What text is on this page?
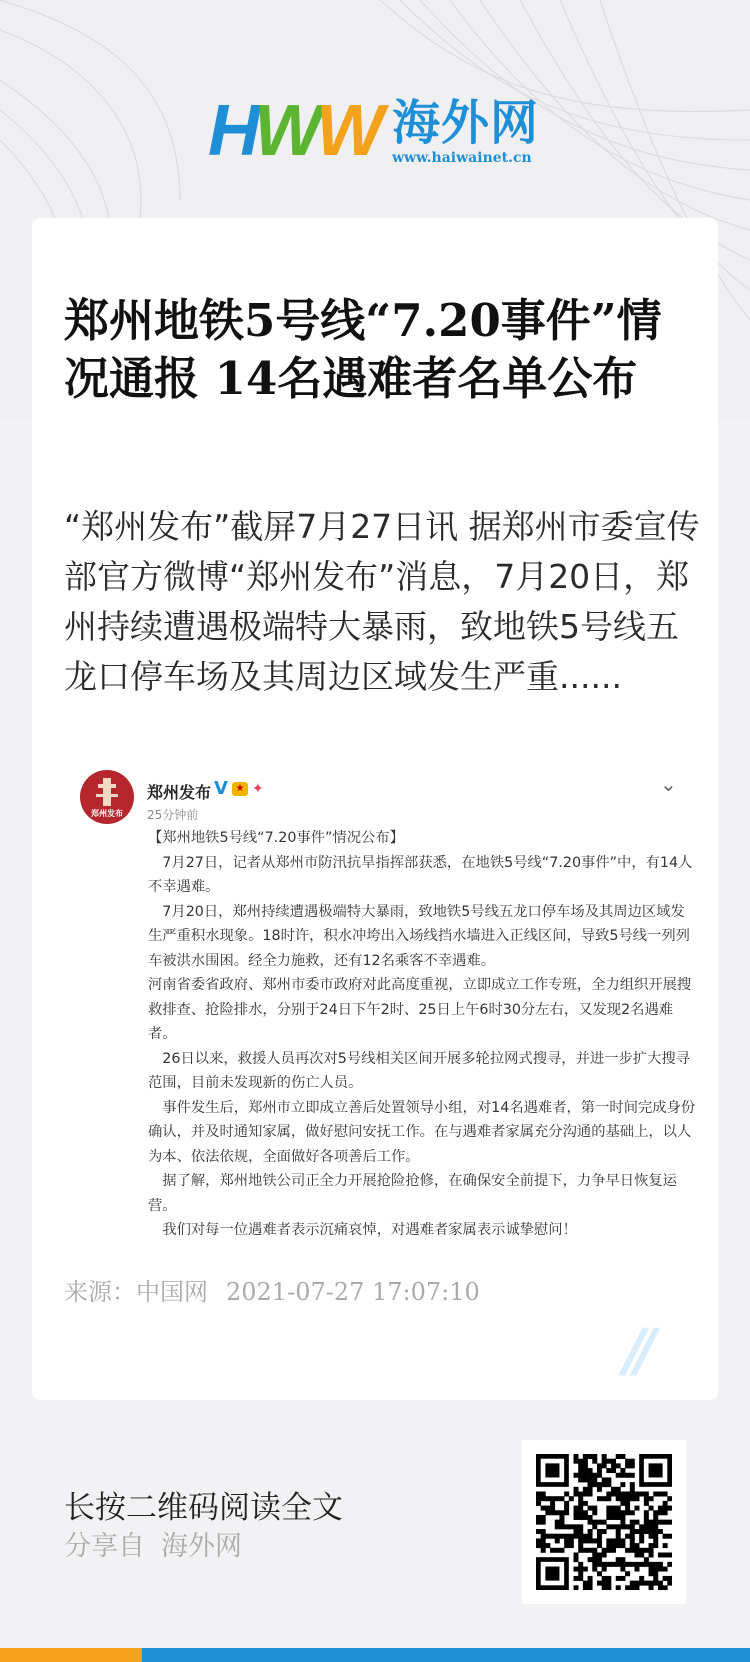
HWW 海外网
www.haiwainet.cn
郑州地铁5号线“7.20事件”情况通报 14名遇难者名单公布

“郑州发布”截屏7月27日讯 据郑州市委宣传部官方微博“郑州发布”消息，7月20日，郑州持续遭遇极端特大暴雨，致地铁5号线五龙口停车场及其周边区域发生严重......

郑州发布
郑州发布 V ★ ✦
25分钟前
⌄

【郑州地铁5号线“7.20事件”情况公布】

　7月27日，记者从郑州市防汛抗旱指挥部获悉，在地铁5号线“7.20事件”中，有14人不幸遇难。

　7月20日，郑州持续遭遇极端特大暴雨，致地铁5号线五龙口停车场及其周边区域发生严重积水现象。18时许，积水冲垮出入场线挡水墙进入正线区间，导致5号线一列列车被洪水围困。经全力施救，还有12名乘客不幸遇难。

河南省委省政府、郑州市委市政府对此高度重视，立即成立工作专班，全力组织开展搜救排查、抢险排水，分别于24日下午2时、25日上午6时30分左右，又发现2名遇难者。

　26日以来，救援人员再次对5号线相关区间开展多轮拉网式搜寻，并进一步扩大搜寻范围，目前未发现新的伤亡人员。

　事件发生后，郑州市立即成立善后处置领导小组，对14名遇难者，第一时间完成身份确认，并及时通知家属，做好慰问安抚工作。在与遇难者家属充分沟通的基础上，以人为本、依法依规，全面做好各项善后工作。

　据了解，郑州地铁公司正全力开展抢险抢修，在确保安全前提下，力争早日恢复运营。

　我们对每一位遇难者表示沉痛哀悼，对遇难者家属表示诚挚慰问！

来源：中国网 2021-07-27 17:07:10
//
长按二维码阅读全文
分享自 海外网
